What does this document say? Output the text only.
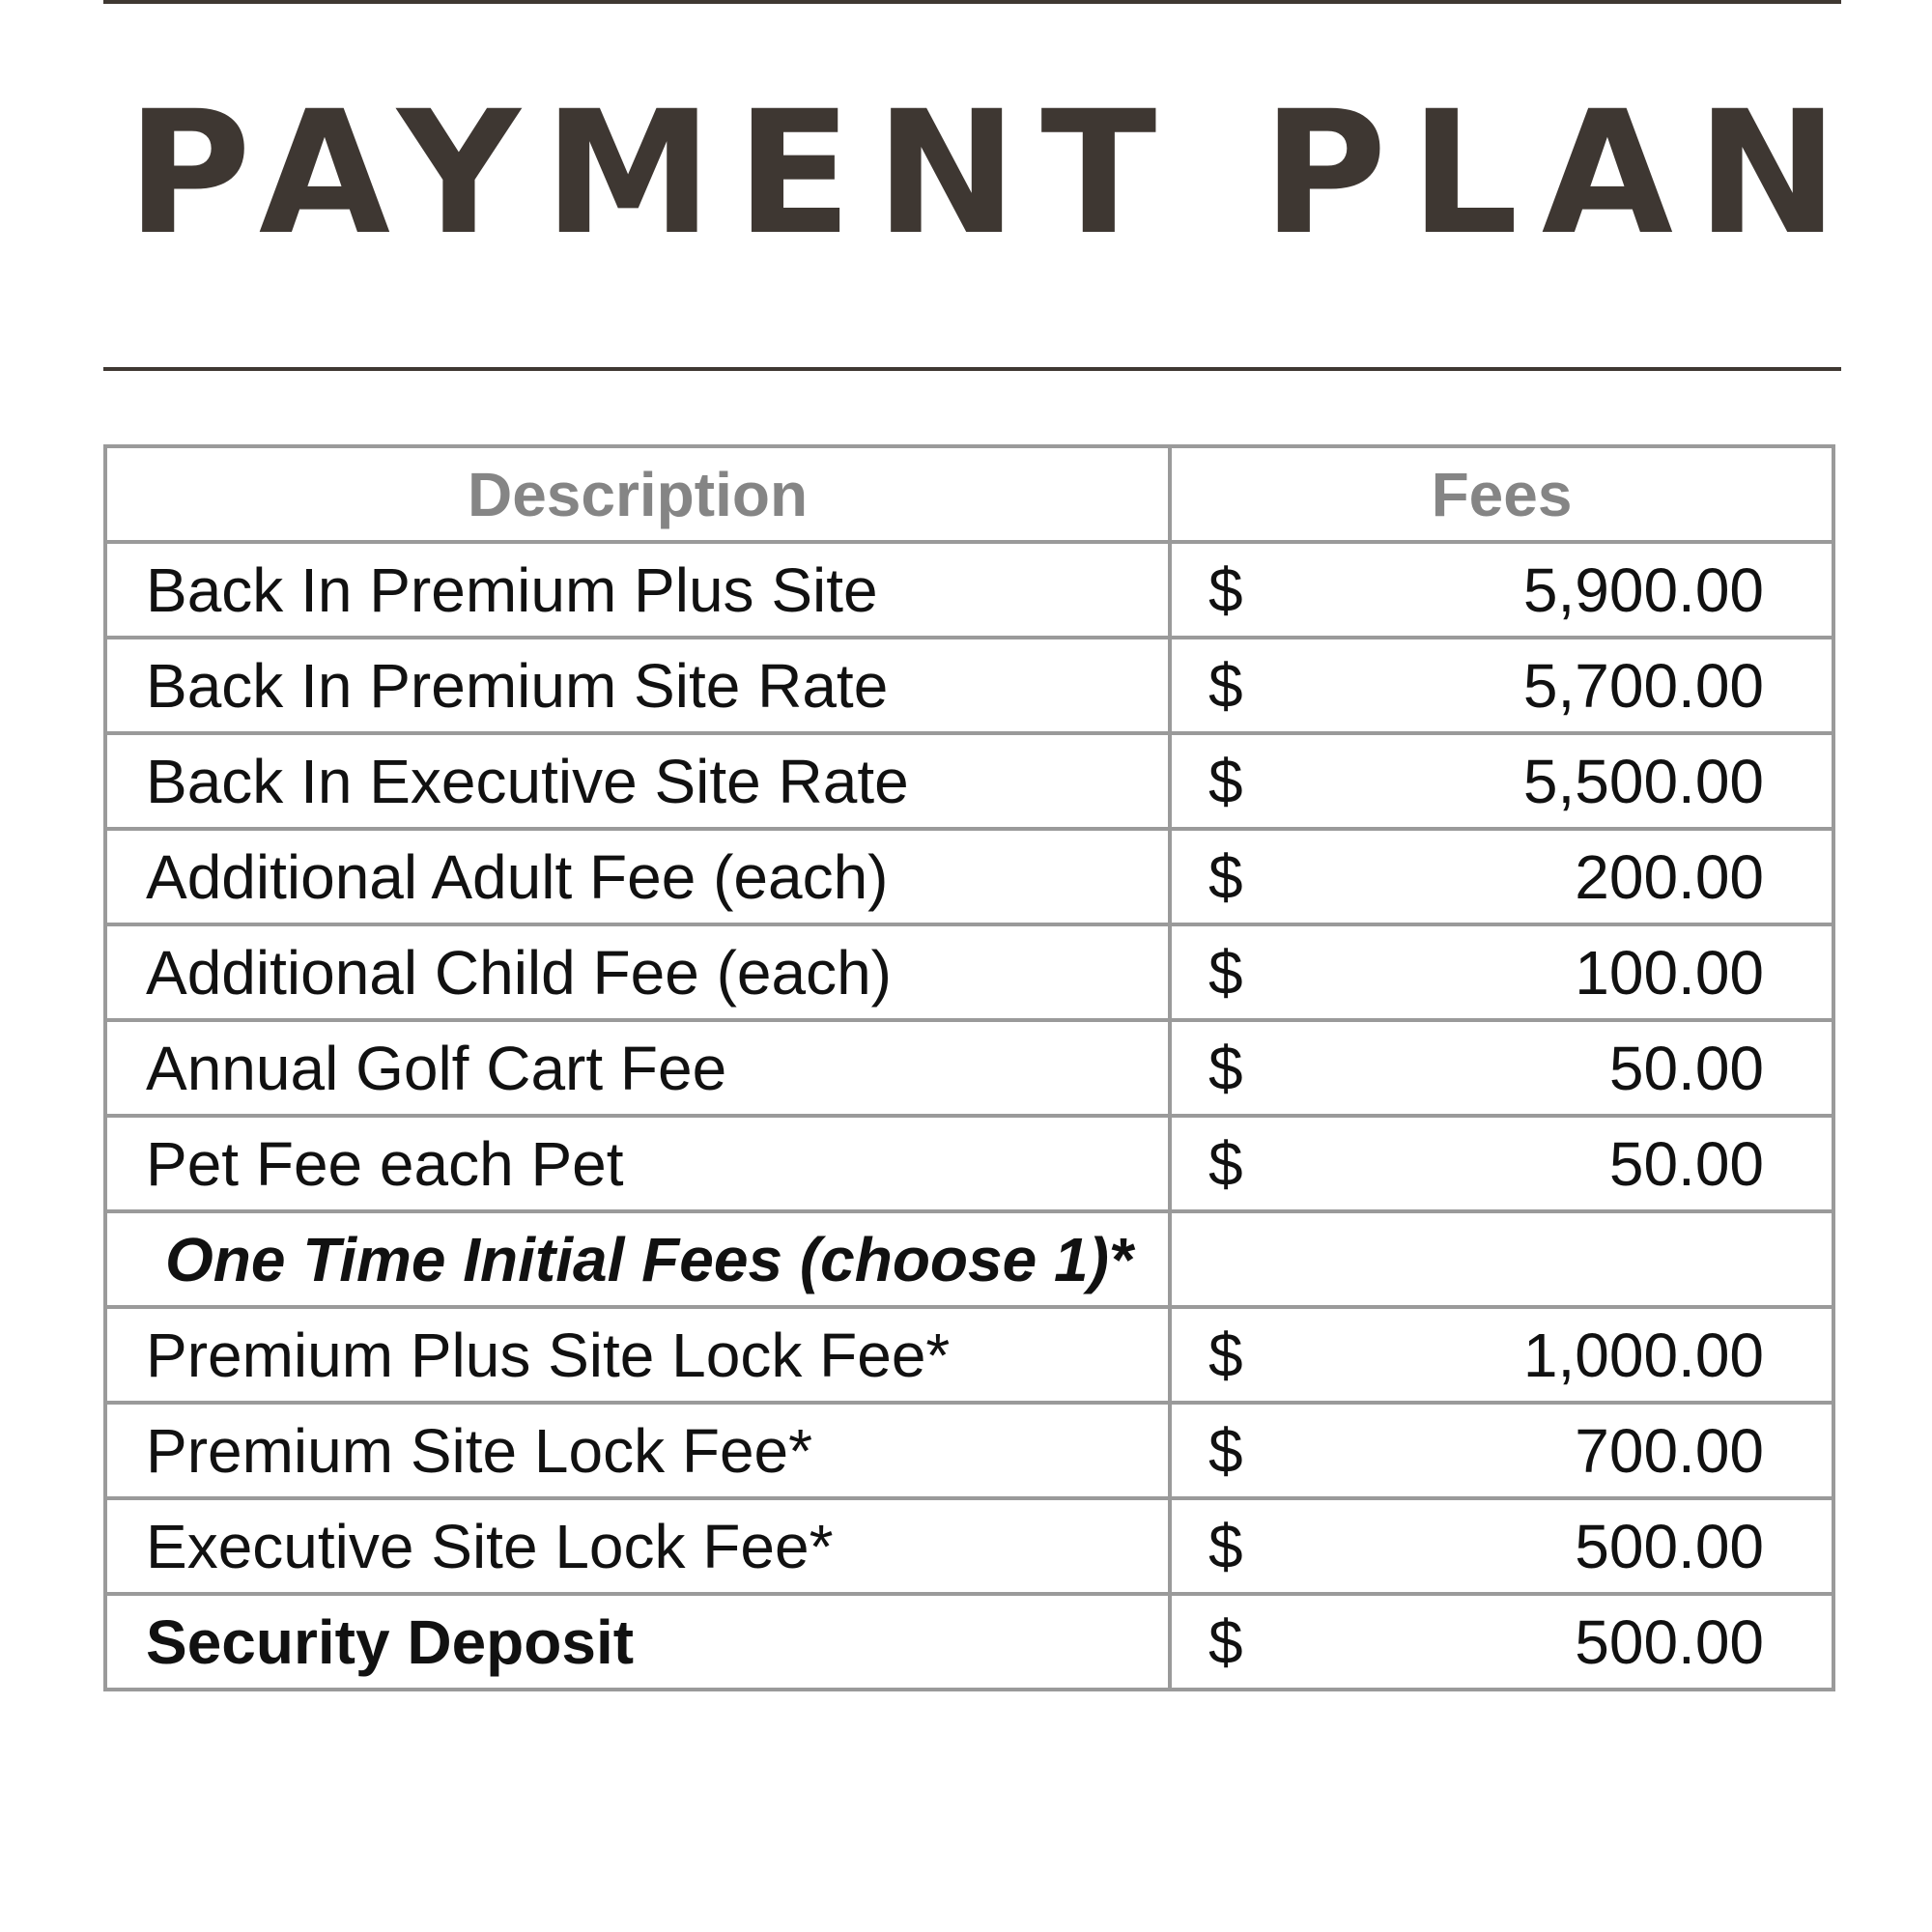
PAYMENT PLAN
Description	Fees
Back In Premium Plus Site	$ 5,900.00

Back In Premium Site Rate	$ 5,700.00

Back In Executive Site Rate	$ 5,500.00

Additional Adult Fee (each)	$ 200.00

Additional Child Fee (each)	$ 100.00

Annual Golf Cart Fee	$ 50.00

Pet Fee each Pet	$ 50.00

One Time Initial Fees (choose 1)*	

Premium Plus Site Lock Fee*	$ 1,000.00

Premium Site Lock Fee*	$ 700.00

Executive Site Lock Fee*	$ 500.00

Security Deposit	$ 500.00
